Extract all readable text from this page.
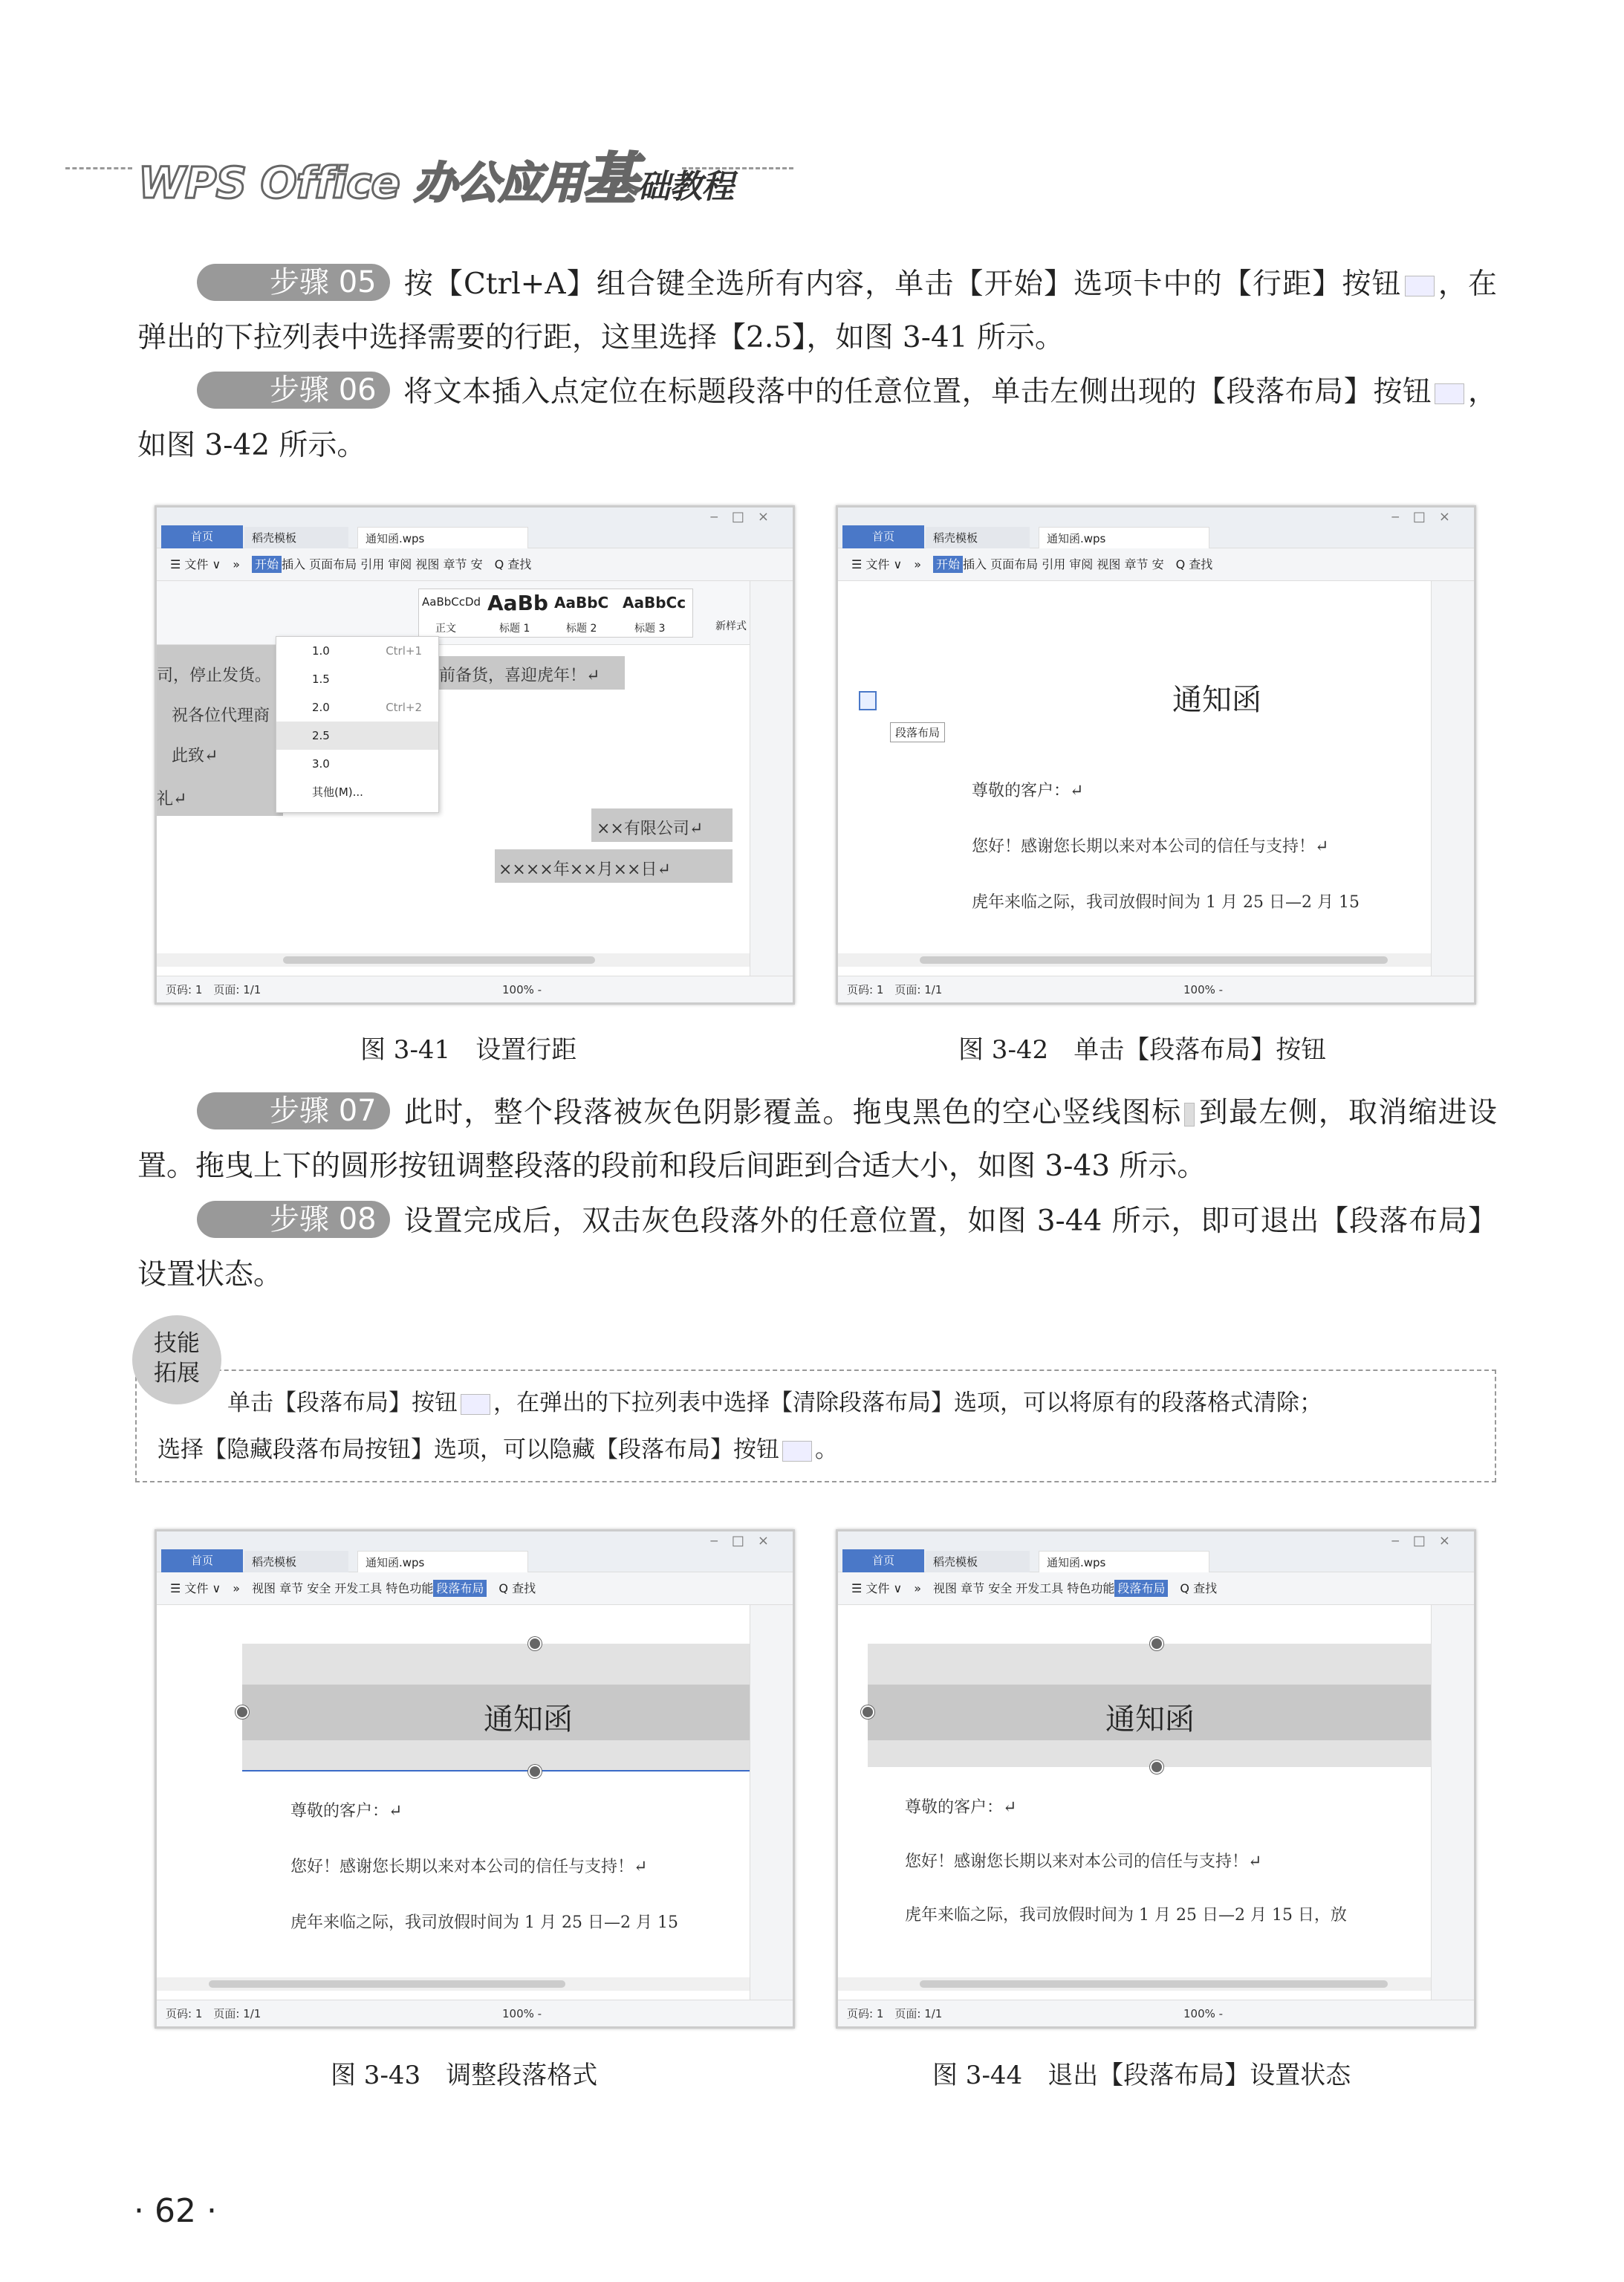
WPS Office 办公应用基础教程
步骤 05 按【Ctrl+A】组合键全选所有内容，单击【开始】选项卡中的【行距】按钮 ，在弹出的下拉列表中选择需要的行距，这里选择【2.5】，如图 3-41 所示。
步骤 06 将文本插入点定位在标题段落中的任意位置，单击左侧出现的【段落布局】按钮 ，如图 3-42 所示。
首页	稻壳模板	通知函.wps
‒□×
☰ 文件 ∨　»　开始 插入 页面布局 引用 审阅 视图 章节 安　 Q 查找
AaBbCcDd AaBb AaBbC AaBbCc
正文	标题 1	标题 2	标题 3	新样式
司，停止发货。	前备货，喜迎虎年！↵
祝各位代理商
此致↵
礼↵
××有限公司↵
××××年××月××日↵
1.0	Ctrl+1
1.5
2.0	Ctrl+2
2.5
3.0
其他(M)...
页码: 1　页面: 1/1	100% -
首页	稻壳模板	通知函.wps
‒□×
☰ 文件 ∨　»　开始 插入 页面布局 引用 审阅 视图 章节 安　 Q 查找
段落布局
通知函
尊敬的客户：↵
您好！感谢您长期以来对本公司的信任与支持！↵
虎年来临之际，我司放假时间为 1 月 25 日—2 月 15
页码: 1　页面: 1/1	100% -
图 3-41　设置行距	图 3-42　单击【段落布局】按钮
步骤 07 此时，整个段落被灰色阴影覆盖。拖曳黑色的空心竖线图标 到最左侧，取消缩进设置。拖曳上下的圆形按钮调整段落的段前和段后间距到合适大小，如图 3-43 所示。
步骤 08 设置完成后，双击灰色段落外的任意位置，如图 3-44 所示，即可退出【段落布局】设置状态。
技能
拓展
单击【段落布局】按钮 ，在弹出的下拉列表中选择【清除段落布局】选项，可以将原有的段落格式清除；
选择【隐藏段落布局按钮】选项，可以隐藏【段落布局】按钮 。
首页	稻壳模板	通知函.wps
‒□×
☰ 文件 ∨　»　视图 章节 安全 开发工具 特色功能 段落布局　 Q 查找
通知函
尊敬的客户：↵
您好！感谢您长期以来对本公司的信任与支持！↵
虎年来临之际，我司放假时间为 1 月 25 日—2 月 15
页码: 1　页面: 1/1	100% -
首页	稻壳模板	通知函.wps
‒□×
☰ 文件 ∨　»　视图 章节 安全 开发工具 特色功能 段落布局　 Q 查找
通知函
尊敬的客户：↵
您好！感谢您长期以来对本公司的信任与支持！↵
虎年来临之际，我司放假时间为 1 月 25 日—2 月 15 日，放
页码: 1　页面: 1/1	100% -
图 3-43　调整段落格式	图 3-44　退出【段落布局】设置状态
· 62 ·
